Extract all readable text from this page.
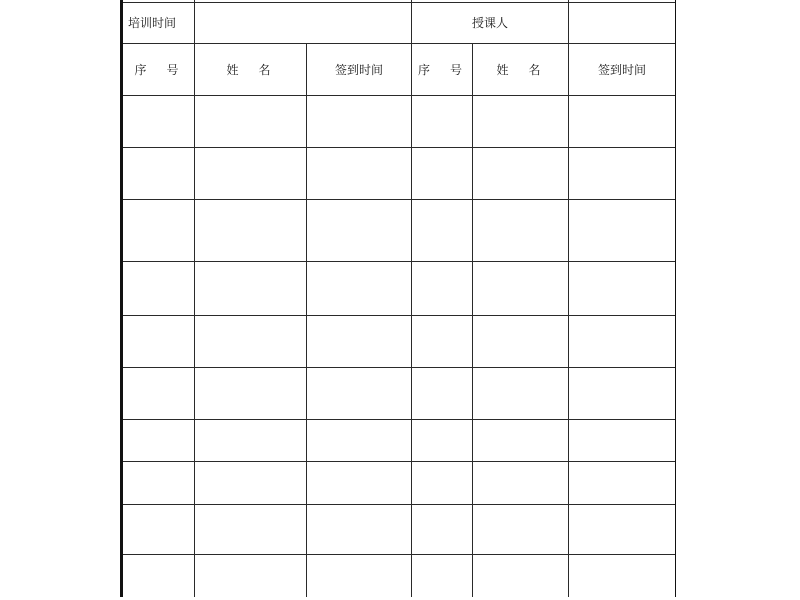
培训时间			授课人		
序　号	姓　名	签到时间	序　号	姓　名	签到时间
